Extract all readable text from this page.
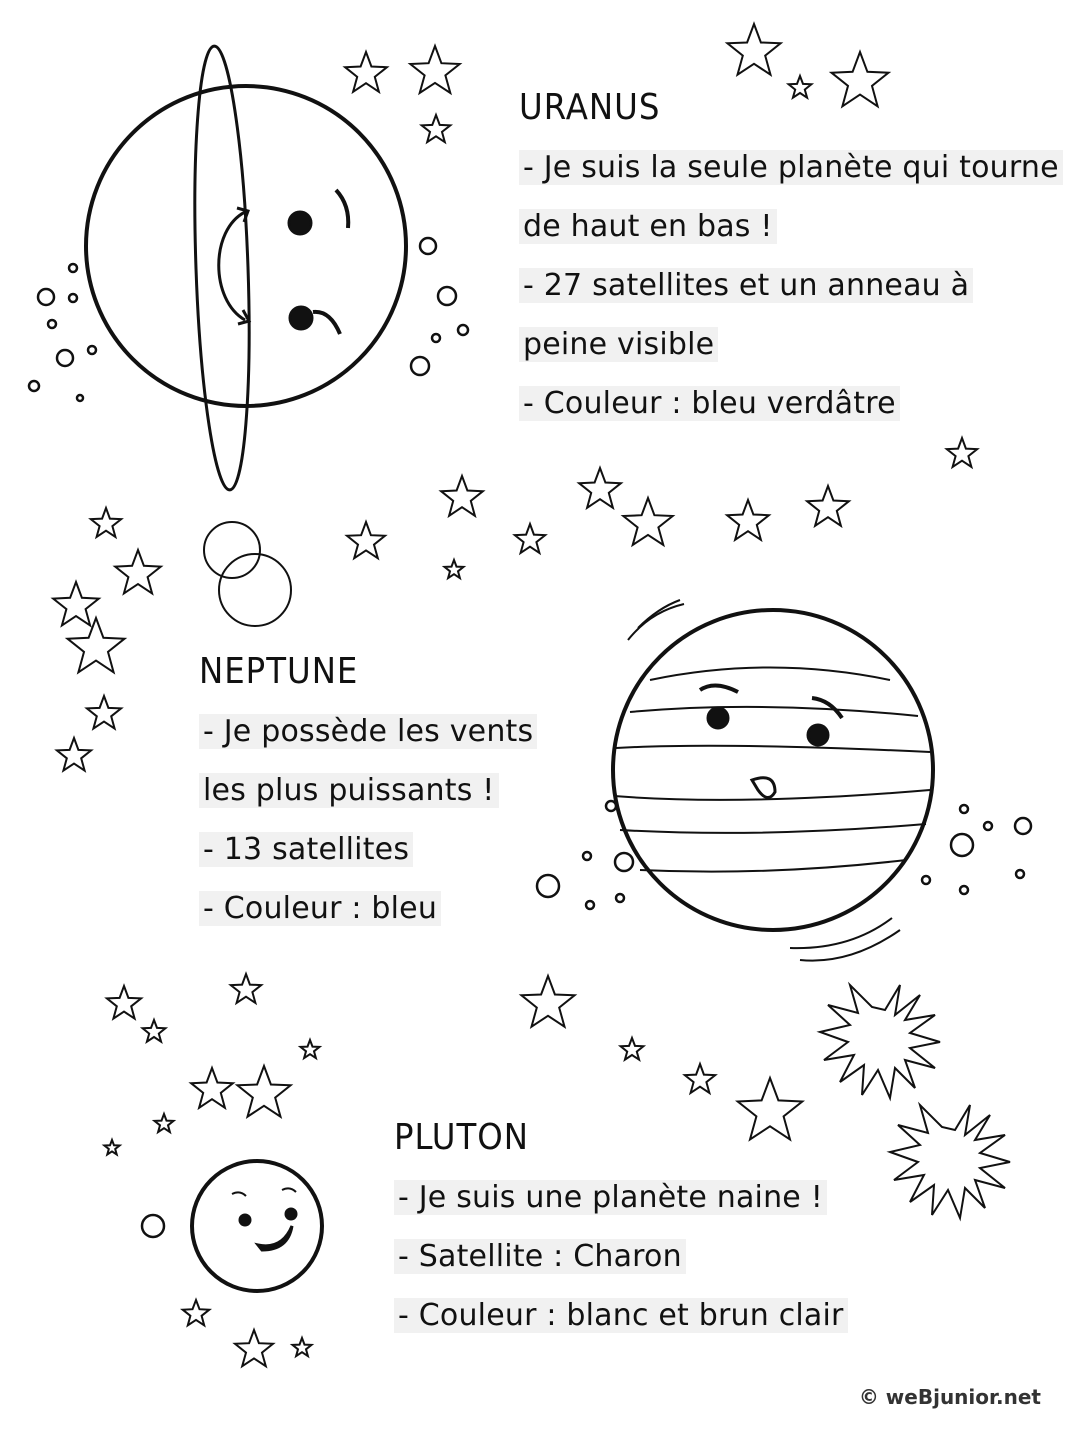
URANUS
- Je suis la seule planète qui tourne
de haut en bas !
- 27 satellites et un anneau à
peine visible
- Couleur : bleu verdâtre
NEPTUNE
- Je possède les vents
les plus puissants !
- 13 satellites
- Couleur : bleu
PLUTON
- Je suis une planète naine !
- Satellite : Charon
- Couleur : blanc et brun clair
© weBjunior.net
